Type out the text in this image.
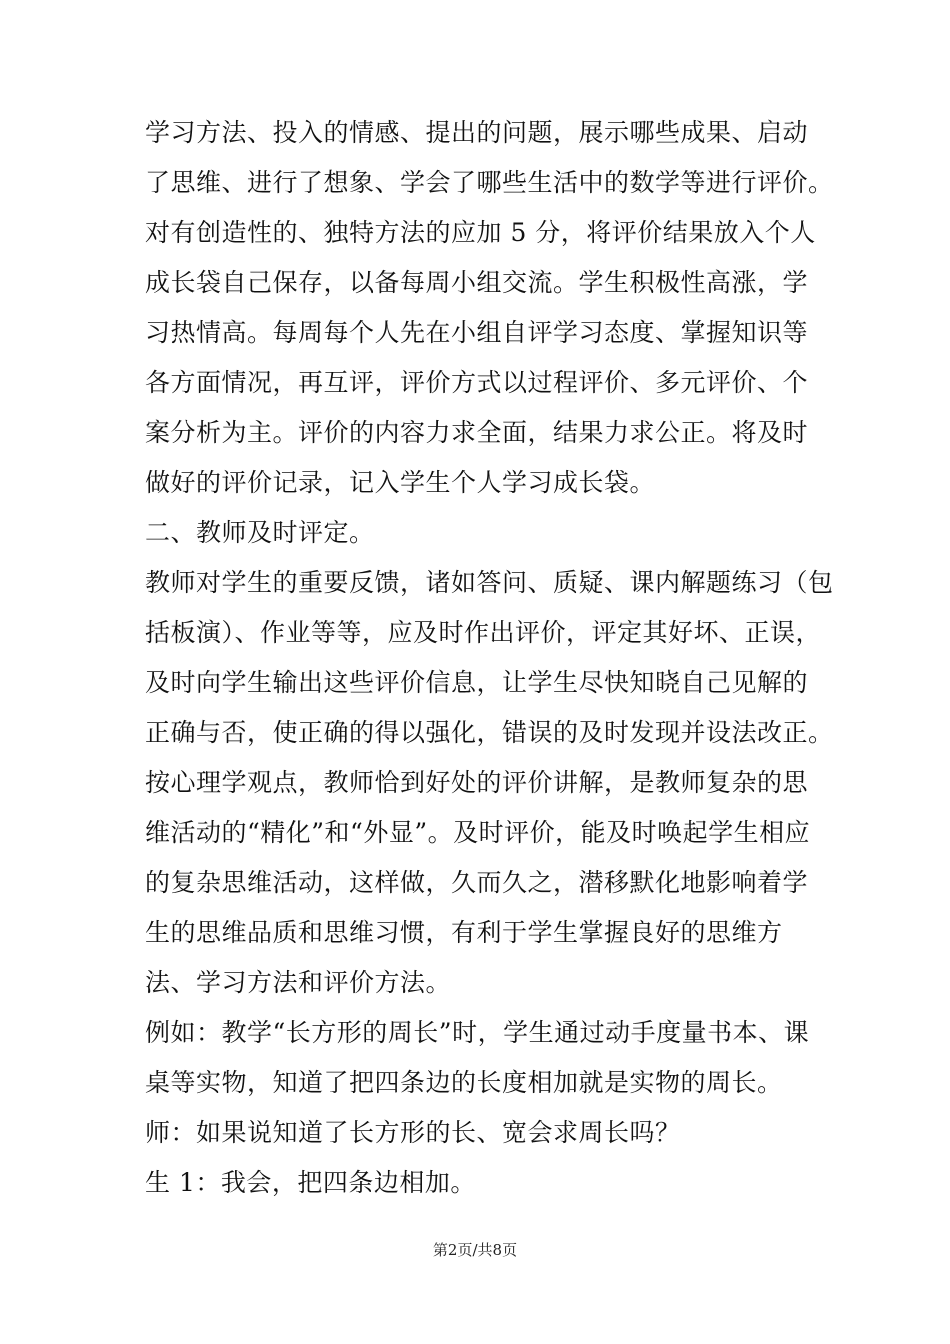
学习方法、投入的情感、提出的问题，展示哪些成果、启动
了思维、进行了想象、学会了哪些生活中的数学等进行评价。
对有创造性的、独特方法的应加 5 分，将评价结果放入个人
成长袋自己保存，以备每周小组交流。学生积极性高涨，学
习热情高。每周每个人先在小组自评学习态度、掌握知识等
各方面情况，再互评，评价方式以过程评价、多元评价、个
案分析为主。评价的内容力求全面，结果力求公正。将及时
做好的评价记录，记入学生个人学习成长袋。
二、教师及时评定。
教师对学生的重要反馈，诸如答问、质疑、课内解题练习（包
括板演）、作业等等，应及时作出评价，评定其好坏、正误，
及时向学生输出这些评价信息，让学生尽快知晓自己见解的
正确与否，使正确的得以强化，错误的及时发现并设法改正。
按心理学观点，教师恰到好处的评价讲解，是教师复杂的思
维活动的“精化”和“外显”。及时评价，能及时唤起学生相应
的复杂思维活动，这样做，久而久之，潜移默化地影响着学
生的思维品质和思维习惯，有利于学生掌握良好的思维方
法、学习方法和评价方法。
例如：教学“长方形的周长”时，学生通过动手度量书本、课
桌等实物，知道了把四条边的长度相加就是实物的周长。
师：如果说知道了长方形的长、宽会求周长吗？
生 1：我会，把四条边相加。
第2页/共8页
